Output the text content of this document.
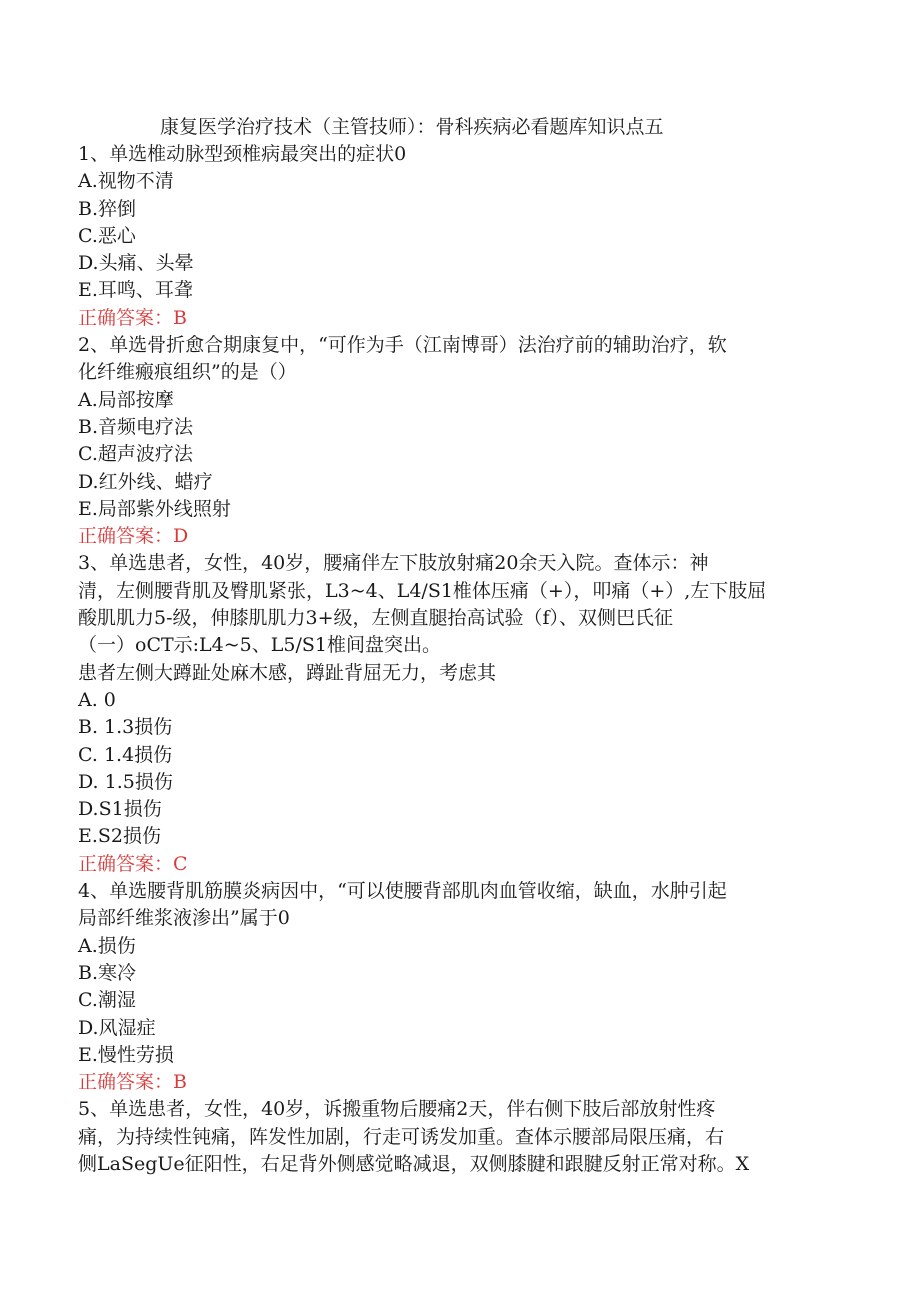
康复医学治疗技术（主管技师）：骨科疾病必看题库知识点五
1、单选椎动脉型颈椎病最突出的症状0
A.视物不清
B.猝倒
C.恶心
D.头痛、头晕
E.耳鸣、耳聋
正确答案：B
2、单选骨折愈合期康复中，“可作为手（江南博哥）法治疗前的辅助治疗，软
化纤维瘢痕组织”的是（）
A.局部按摩
B.音频电疗法
C.超声波疗法
D.红外线、蜡疗
E.局部紫外线照射
正确答案：D
3、单选患者，女性，40岁，腰痛伴左下肢放射痛20余天入院。查体示：神
清，左侧腰背肌及臀肌紧张，L3~4、L4/S1椎体压痛（+），叩痛（+）,左下肢屈
酸肌肌力5-级，伸膝肌肌力3+级，左侧直腿抬高试验（f）、双侧巴氏征
（一）oCT示:L4~5、L5/S1椎间盘突出。
患者左侧大蹲趾处麻木感，蹲趾背屈无力，考虑其
A. 0
B. 1.3损伤
C. 1.4损伤
D. 1.5损伤
D.S1损伤
E.S2损伤
正确答案：C
4、单选腰背肌筋膜炎病因中，“可以使腰背部肌肉血管收缩，缺血，水肿引起
局部纤维浆液渗出”属于0
A.损伤
B.寒冷
C.潮湿
D.风湿症
E.慢性劳损
正确答案：B
5、单选患者，女性，40岁，诉搬重物后腰痛2天，伴右侧下肢后部放射性疼
痛，为持续性钝痛，阵发性加剧，行走可诱发加重。查体示腰部局限压痛，右
侧LaSegUe征阳性，右足背外侧感觉略减退，双侧膝腱和跟腱反射正常对称。X
